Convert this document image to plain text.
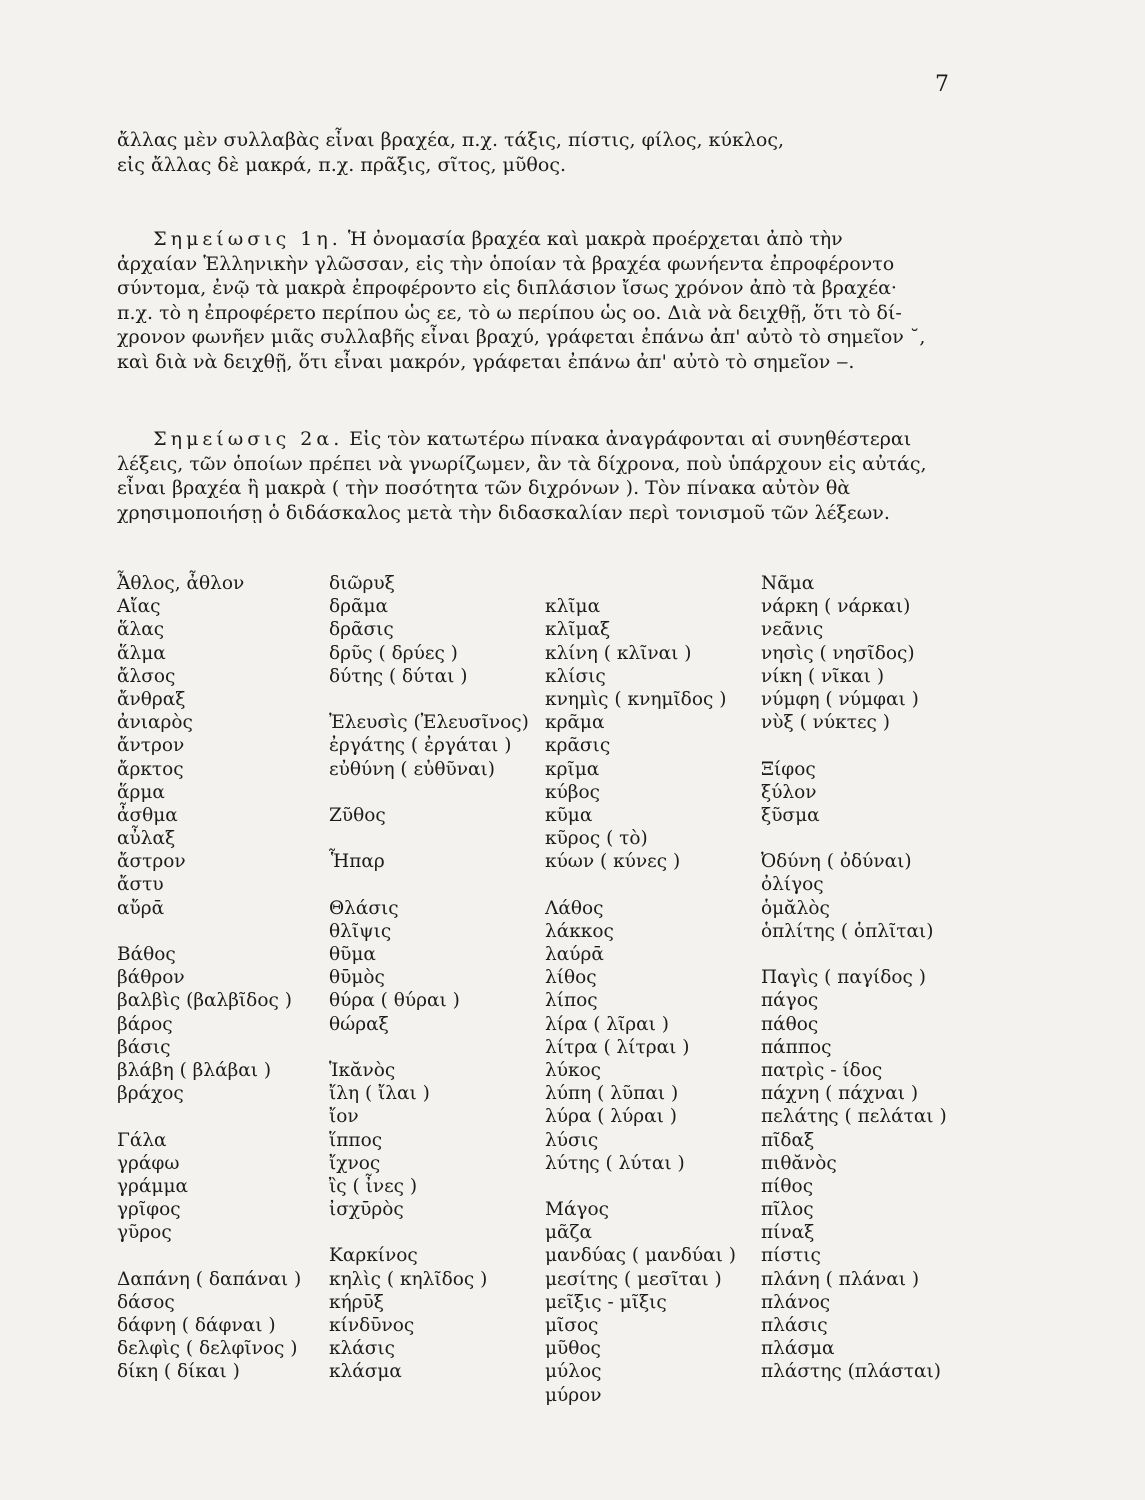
7
ἄλλας μὲν συλλαβὰς εἶναι βραχέα, π.χ. τάξις, πίστις, φίλος, κύκλος,
εἰς ἄλλας δὲ μακρά, π.χ. πρᾶξις, σῖτος, μῦθος.
Σημείωσις 1η. Ἡ ὀνομασία βραχέα καὶ μακρὰ προέρχεται ἀπὸ τὴν
ἀρχαίαν Ἑλληνικὴν γλῶσσαν, εἰς τὴν ὁποίαν τὰ βραχέα φωνήεντα ἐπροφέροντο
σύντομα, ἐνῷ τὰ μακρὰ ἐπροφέροντο εἰς διπλάσιον ἴσως χρόνον ἀπὸ τὰ βραχέα·
π.χ. τὸ η ἐπροφέρετο περίπου ὡς εε, τὸ ω περίπου ὡς οο. Διὰ νὰ δειχθῇ, ὅτι τὸ δί-
χρονον φωνῆεν μιᾶς συλλαβῆς εἶναι βραχύ, γράφεται ἐπάνω ἀπ' αὐτὸ τὸ σημεῖον ˘,
καὶ διὰ νὰ δειχθῇ, ὅτι εἶναι μακρόν, γράφεται ἐπάνω ἀπ' αὐτὸ τὸ σημεῖον ‒.
Σημείωσις 2α. Εἰς τὸν κατωτέρω πίνακα ἀναγράφονται αἱ συνηθέστεραι
λέξεις, τῶν ὁποίων πρέπει νὰ γνωρίζωμεν, ἂν τὰ δίχρονα, ποὺ ὑπάρχουν εἰς αὐτάς,
εἶναι βραχέα ἢ μακρὰ ( τὴν ποσότητα τῶν διχρόνων ). Τὸν πίνακα αὐτὸν θὰ
χρησιμοποιήσῃ ὁ διδάσκαλος μετὰ τὴν διδασκαλίαν περὶ τονισμοῦ τῶν λέξεων.
Ἆθλος, ἆθλον
Αἴας
ἅλας
ἅλμα
ἄλσος
ἄνθραξ
ἀνιαρὸς
ἄντρον
ἄρκτος
ἅρμα
ἆσθμα
αὖλαξ
ἄστρον
ἄστυ
αὔρᾱ
Βάθος
βάθρον
βαλβὶς (βαλβῖδος )
βάρος
βάσις
βλάβη ( βλάβαι )
βράχος
Γάλα
γράφω
γράμμα
γρῖφος
γῦρος
Δαπάνη ( δαπάναι )
δάσος
δάφνη ( δάφναι )
δελφὶς ( δελφῖνος )
δίκη ( δίκαι )
διῶρυξ
δρᾶμα
δρᾶσις
δρῦς ( δρύες )
δύτης ( δύται )
Ἐλευσὶς (Ἐλευσῖνος)
ἐργάτης ( ἐργάται )
εὐθύνη ( εὐθῦναι)
Ζῦθος
Ἧπαρ
Θλάσις
θλῖψις
θῦμα
θῡμὸς
θύρα ( θύραι )
θώραξ
Ἱκᾰνὸς
ἴλη ( ἴλαι )
ἴον
ἵππος
ἴχνος
ἲς ( ἶνες )
ἰσχῡρὸς
Καρκίνος
κηλὶς ( κηλῖδος )
κήρῡξ
κίνδῡνος
κλάσις
κλάσμα
κλῖμα
κλῖμαξ
κλίνη ( κλῖναι )
κλίσις
κνημὶς ( κνημῖδος )
κρᾶμα
κρᾶσις
κρῖμα
κύβος
κῦμα
κῦρος ( τὸ)
κύων ( κύνες )
Λάθος
λάκκος
λαύρᾱ
λίθος
λίπος
λίρα ( λῖραι )
λίτρα ( λίτραι )
λύκος
λύπη ( λῦπαι )
λύρα ( λύραι )
λύσις
λύτης ( λύται )
Μάγος
μᾶζα
μανδύας ( μανδύαι )
μεσίτης ( μεσῖται )
μεῖξις - μῖξις
μῖσος
μῦθος
μύλος
μύρον
Νᾶμα
νάρκη ( νάρκαι)
νεᾶνις
νησὶς ( νησῖδος)
νίκη ( νῖκαι )
νύμφη ( νύμφαι )
νὺξ ( νύκτες )
Ξίφος
ξύλον
ξῦσμα
Ὀδύνη ( ὀδύναι)
ὀλίγος
ὁμᾰλὸς
ὁπλίτης ( ὁπλῖται)
Παγὶς ( παγίδος )
πάγος
πάθος
πάππος
πατρὶς - ίδος
πάχνη ( πάχναι )
πελάτης ( πελάται )
πῖδαξ
πιθᾰνὸς
πίθος
πῖλος
πίναξ
πίστις
πλάνη ( πλάναι )
πλάνος
πλάσις
πλάσμα
πλάστης (πλάσται)
